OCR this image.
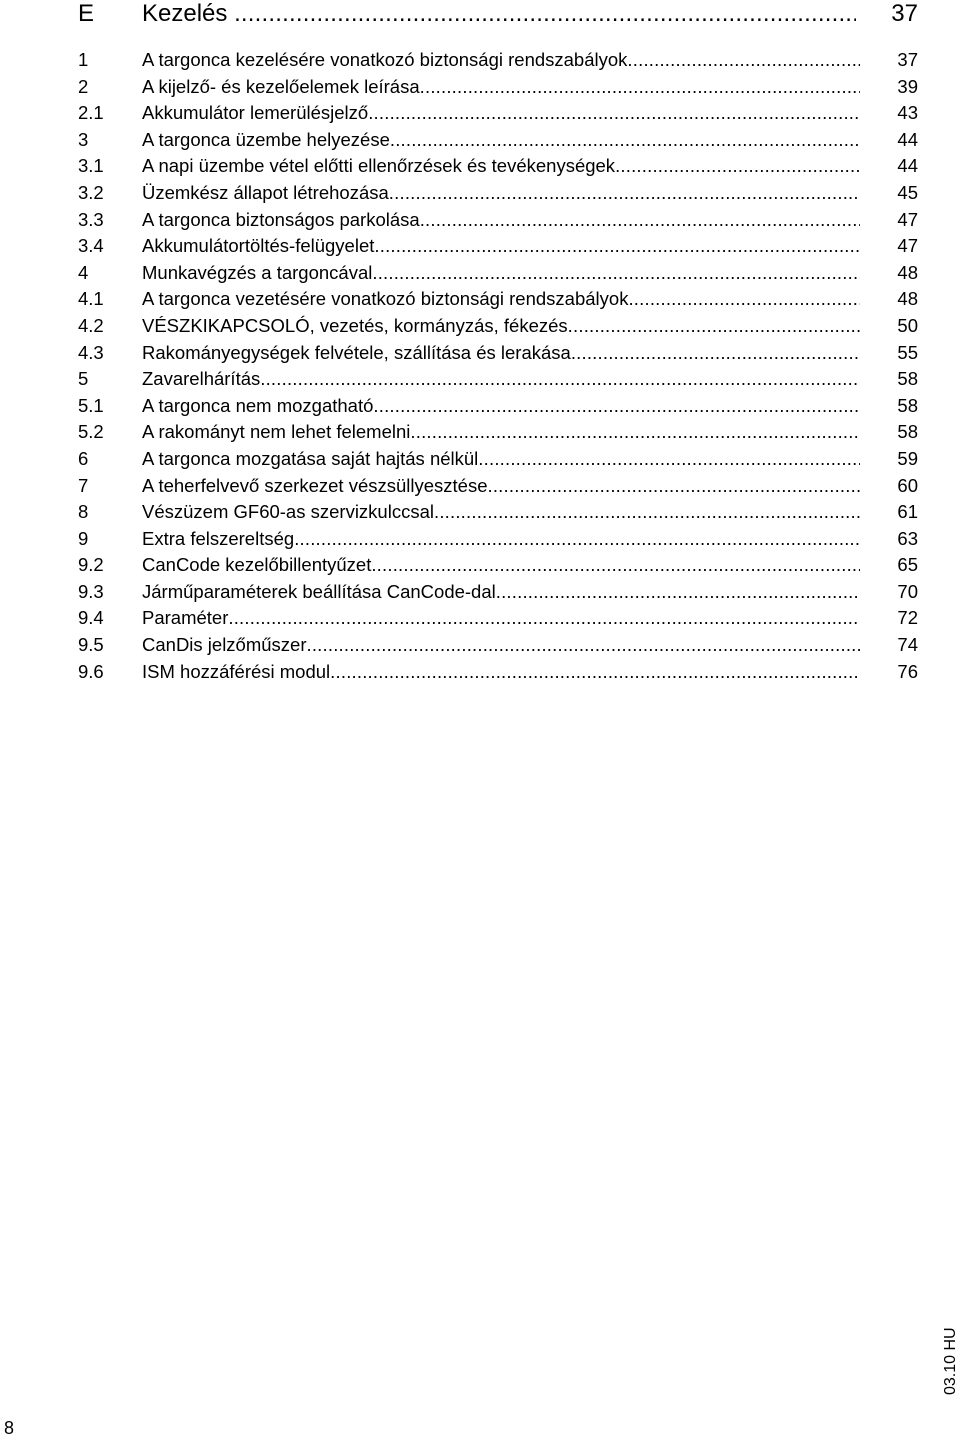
E Kezelés .....	37
1	A targonca kezelésére vonatkozó biztonsági rendszabályok .....	37
2	A kijelző- és kezelőelemek leírása .....	39
2.1 Akkumulátor lemerülésjelző .....	43
3	A targonca üzembe helyezése .....	44
3.1 A napi üzembe vétel előtti ellenőrzések és tevékenységek .....	44
3.2 Üzemkész állapot létrehozása .....	45
3.3 A targonca biztonságos parkolása .....	47
3.4 Akkumulátortöltés-felügyelet .....	47
4	Munkavégzés a targoncával .....	48
4.1 A targonca vezetésére vonatkozó biztonsági rendszabályok .....	48
4.2 VÉSZKIKAPCSOLÓ, vezetés, kormányzás, fékezés .....	50
4.3 Rakományegységek felvétele, szállítása és lerakása .....	55
5	Zavarelhárítás .....	58
5.1 A targonca nem mozgatható .....	58
5.2 A rakományt nem lehet felemelni .....	58
6	A targonca mozgatása saját hajtás nélkül .....	59
7	A teherfelvevő szerkezet vészsüllyesztése .....	60
8	Vészüzem GF60-as szervizkulccsal .....	61
9	Extra felszereltség .....	63
9.2 CanCode kezelőbillentyűzet .....	65
9.3 Járműparaméterek beállítása CanCode-dal .....	70
9.4 Paraméter .....	72
9.5 CanDis jelzőműszer .....	74
9.6 ISM hozzáférési modul .....	76
8
03.10 HU
